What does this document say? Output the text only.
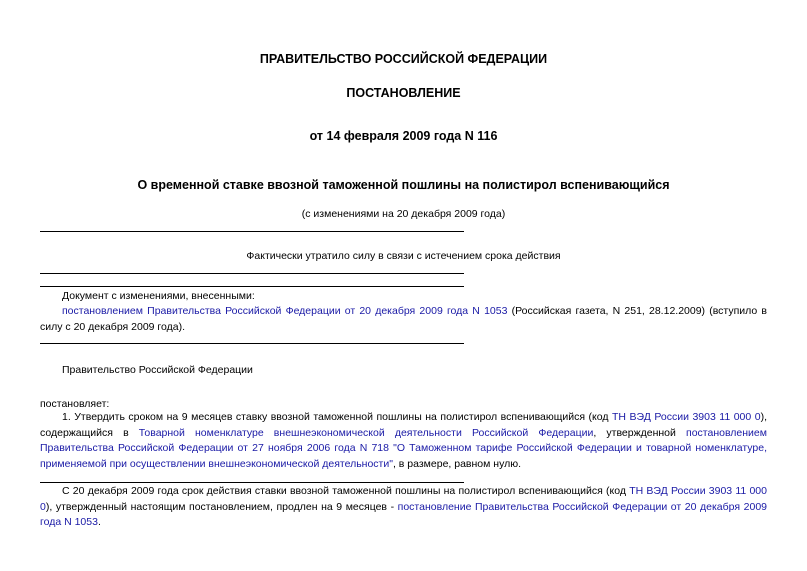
ПРАВИТЕЛЬСТВО РОССИЙСКОЙ ФЕДЕРАЦИИ
ПОСТАНОВЛЕНИЕ
от 14 февраля 2009 года N 116
О временной ставке ввозной таможенной пошлины на полистирол вспенивающийся
(с изменениями на 20 декабря 2009 года)
Фактически утратило силу в связи с истечением срока действия
Документ с изменениями, внесенными:
постановлением Правительства Российской Федерации от 20 декабря 2009 года N 1053 (Российская газета, N 251, 28.12.2009) (вступило в силу с 20 декабря 2009 года).
Правительство Российской Федерации
постановляет:
1. Утвердить сроком на 9 месяцев ставку ввозной таможенной пошлины на полистирол вспенивающийся (код ТН ВЭД России 3903 11 000 0), содержащийся в Товарной номенклатуре внешнеэкономической деятельности Российской Федерации, утвержденной постановлением Правительства Российской Федерации от 27 ноября 2006 года N 718 "О Таможенном тарифе Российской Федерации и товарной номенклатуре, применяемой при осуществлении внешнеэкономической деятельности", в размере, равном нулю.
С 20 декабря 2009 года срок действия ставки ввозной таможенной пошлины на полистирол вспенивающийся (код ТН ВЭД России 3903 11 000 0), утвержденный настоящим постановлением, продлен на 9 месяцев - постановление Правительства Российской Федерации от 20 декабря 2009 года N 1053.
